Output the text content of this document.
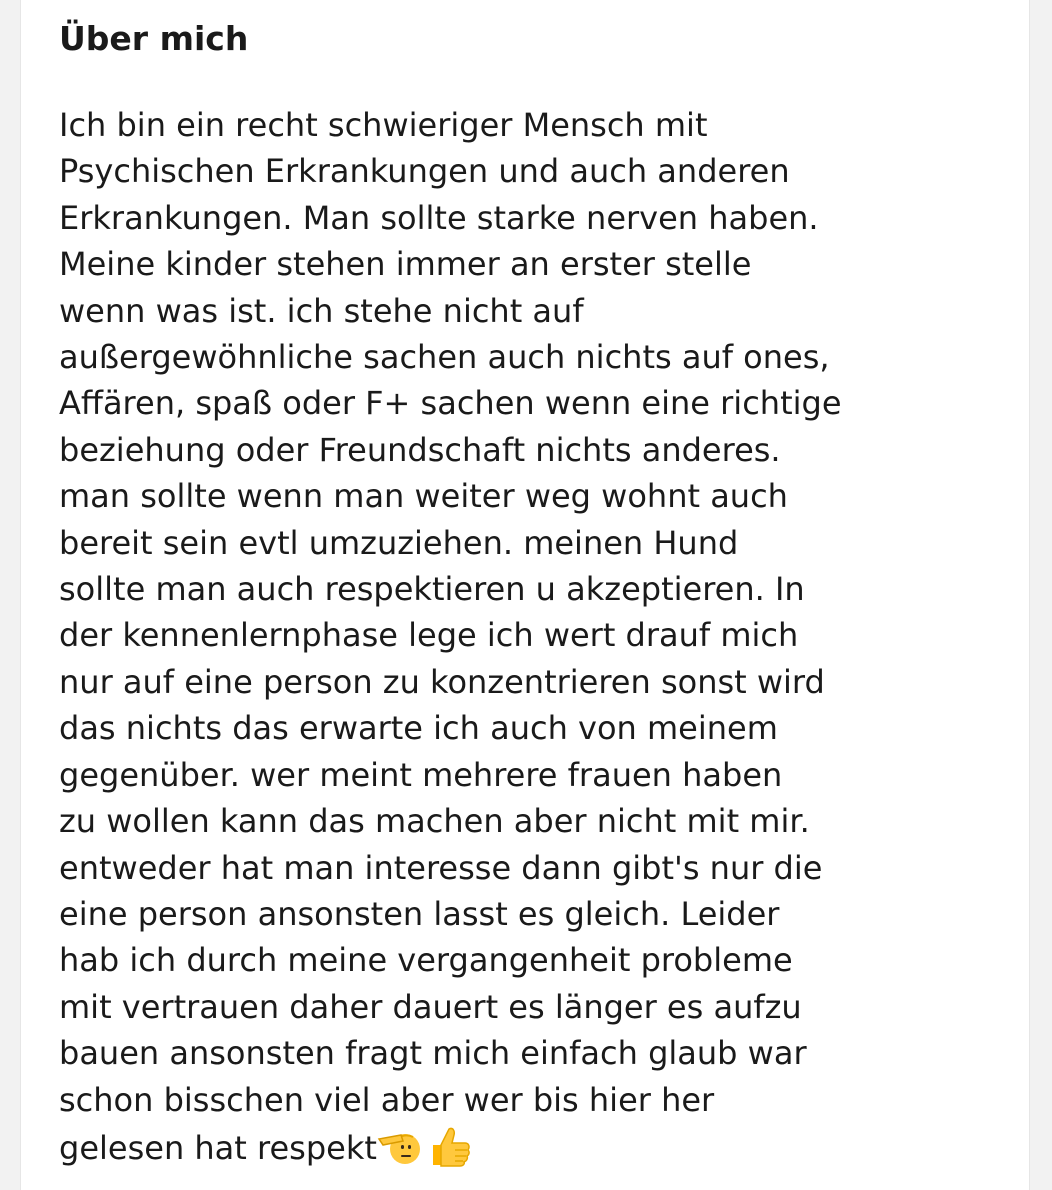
Über mich
Ich bin ein recht schwieriger Mensch mit
Psychischen Erkrankungen und auch anderen
Erkrankungen. Man sollte starke nerven haben.
Meine kinder stehen immer an erster stelle
wenn was ist. ich stehe nicht auf
außergewöhnliche sachen auch nichts auf ones,
Affären, spaß oder F+ sachen wenn eine richtige
beziehung oder Freundschaft nichts anderes.
man sollte wenn man weiter weg wohnt auch
bereit sein evtl umzuziehen. meinen Hund
sollte man auch respektieren u akzeptieren. In
der kennenlernphase lege ich wert drauf mich
nur auf eine person zu konzentrieren sonst wird
das nichts das erwarte ich auch von meinem
gegenüber. wer meint mehrere frauen haben
zu wollen kann das machen aber nicht mit mir.
entweder hat man interesse dann gibt's nur die
eine person ansonsten lasst es gleich. Leider
hab ich durch meine vergangenheit probleme
mit vertrauen daher dauert es länger es aufzu
bauen ansonsten fragt mich einfach glaub war
schon bisschen viel aber wer bis hier her
gelesen hat respekt
